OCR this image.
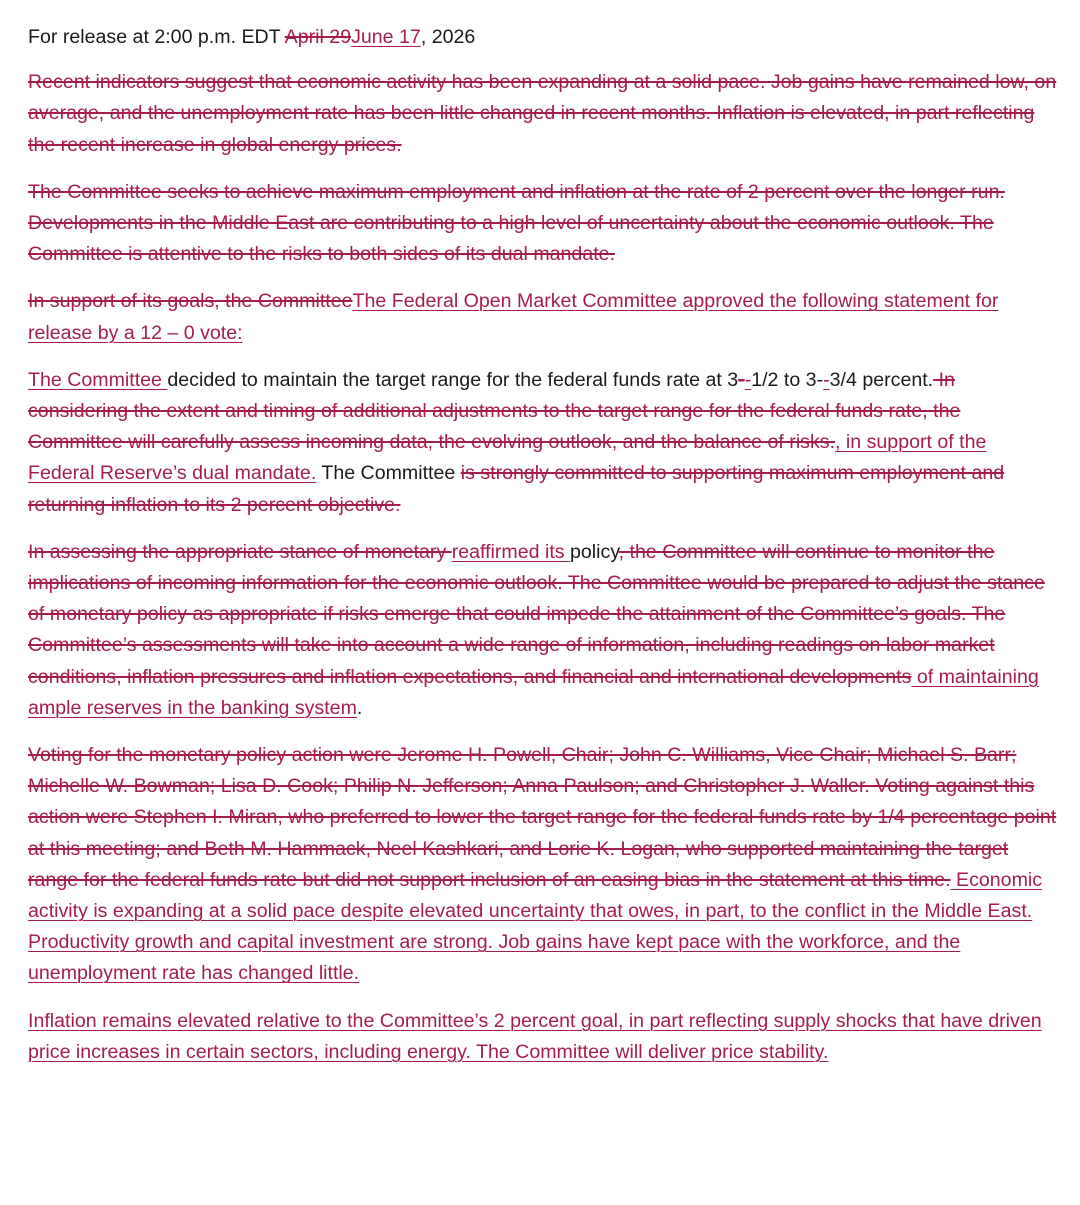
For release at 2:00 p.m. EDT April 29June 17, 2026

Recent indicators suggest that economic activity has been expanding at a solid pace. Job gains have remained low, on average, and the unemployment rate has been little changed in recent months. Inflation is elevated, in part reflecting the recent increase in global energy prices.

The Committee seeks to achieve maximum employment and inflation at the rate of 2 percent over the longer run. Developments in the Middle East are contributing to a high level of uncertainty about the economic outlook. The Committee is attentive to the risks to both sides of its dual mandate.

In support of its goals, the CommitteeThe Federal Open Market Committee approved the following statement for release by a 12 – 0 vote:

The Committee decided to maintain the target range for the federal funds rate at 3--1/2 to 3--3/4 percent. In considering the extent and timing of additional adjustments to the target range for the federal funds rate, the Committee will carefully assess incoming data, the evolving outlook, and the balance of risks., in support of the Federal Reserve’s dual mandate. The Committee is strongly committed to supporting maximum employment and returning inflation to its 2 percent objective.

In assessing the appropriate stance of monetary reaffirmed its policy, the Committee will continue to monitor the implications of incoming information for the economic outlook. The Committee would be prepared to adjust the stance of monetary policy as appropriate if risks emerge that could impede the attainment of the Committee’s goals. The Committee’s assessments will take into account a wide range of information, including readings on labor market conditions, inflation pressures and inflation expectations, and financial and international developments of maintaining ample reserves in the banking system.

Voting for the monetary policy action were Jerome H. Powell, Chair; John C. Williams, Vice Chair; Michael S. Barr; Michelle W. Bowman; Lisa D. Cook; Philip N. Jefferson; Anna Paulson; and Christopher J. Waller. Voting against this action were Stephen I. Miran, who preferred to lower the target range for the federal funds rate by 1/4 percentage point at this meeting; and Beth M. Hammack, Neel Kashkari, and Lorie K. Logan, who supported maintaining the target range for the federal funds rate but did not support inclusion of an easing bias in the statement at this time. Economic activity is expanding at a solid pace despite elevated uncertainty that owes, in part, to the conflict in the Middle East. Productivity growth and capital investment are strong. Job gains have kept pace with the workforce, and the unemployment rate has changed little.

Inflation remains elevated relative to the Committee’s 2 percent goal, in part reflecting supply shocks that have driven price increases in certain sectors, including energy. The Committee will deliver price stability.
